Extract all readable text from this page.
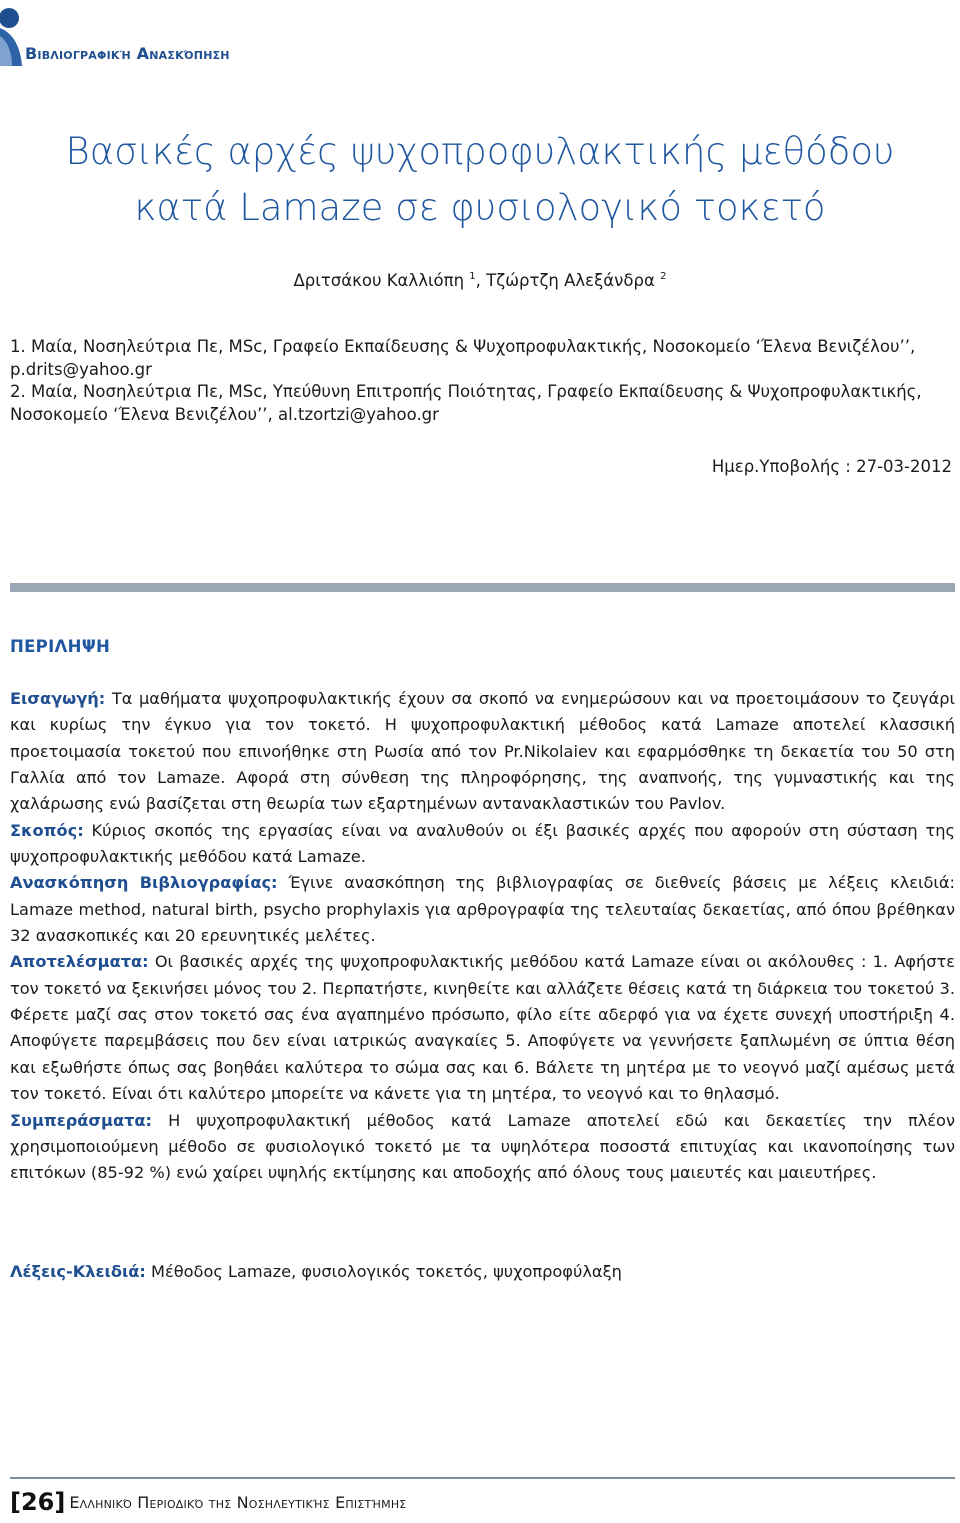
Βιβλιογραφική Ανασκόπηση
Βασικές αρχές ψυχοπροφυλακτικής μεθόδου
κατά Lamaze σε φυσιολογικό τοκετό
Δριτσάκου Καλλιόπη $^1$, Τζώρτζη Αλεξάνδρα $^2$
1. Μαία, Νοσηλεύτρια Πε, MSc, Γραφείο Εκπαίδευσης & Ψυχοπροφυλακτικής, Νοσοκομείο ‘Έλενα Βενιζέλου’’, p.drits@yahoo.gr
2. Μαία, Νοσηλεύτρια Πε, MSc, Υπεύθυνη Επιτροπής Ποιότητας, Γραφείο Εκπαίδευσης & Ψυχοπροφυλακτικής, Νοσοκομείο ‘Έλενα Βενιζέλου’’, al.tzortzi@yahoo.gr
Ημερ.Υποβολής : 27-03-2012
ΠΕΡΙΛΗΨΗ

Εισαγωγή: Τα μαθήματα ψυχοπροφυλακτικής έχουν σα σκοπό να ενημερώσουν και να προετοιμάσουν το ζευγάρι και κυρίως την έγκυο για τον τοκετό. Η ψυχοπροφυλακτική μέθοδος κατά Lamaze αποτελεί κλασσική προετοιμασία τοκετού που επινοήθηκε στη Ρωσία από τον Pr.Nikolaiev και εφαρμόσθηκε τη δεκαετία του 50 στη Γαλλία από τον Lamaze. Αφορά στη σύνθεση της πληροφόρησης, της αναπνοής, της γυμναστικής και της χαλάρωσης ενώ βασίζεται στη θεωρία των εξαρτημένων αντανακλαστικών του Pavlov.

Σκοπός: Κύριος σκοπός της εργασίας είναι να αναλυθούν οι έξι βασικές αρχές που αφορούν στη σύσταση της ψυχοπροφυλακτικής μεθόδου κατά Lamaze.

Ανασκόπηση Βιβλιογραφίας: Έγινε ανασκόπηση της βιβλιογραφίας σε διεθνείς βάσεις με λέξεις κλειδιά: Lamaze method, natural birth, psycho prophylaxis για αρθρογραφία της τελευταίας δεκαετίας, από όπου βρέθηκαν 32 ανασκοπικές και 20 ερευνητικές μελέτες.

Αποτελέσματα: Οι βασικές αρχές της ψυχοπροφυλακτικής μεθόδου κατά Lamaze είναι οι ακόλουθες : 1. Αφήστε τον τοκετό να ξεκινήσει μόνος του 2. Περπατήστε, κινηθείτε και αλλάζετε θέσεις κατά τη διάρκεια του τοκετού 3. Φέρετε μαζί σας στον τοκετό σας ένα αγαπημένο πρόσωπο, φίλο είτε αδερφό για να έχετε συνεχή υποστήριξη 4. Αποφύγετε παρεμβάσεις που δεν είναι ιατρικώς αναγκαίες 5. Αποφύγετε να γεννήσετε ξαπλωμένη σε ύπτια θέση και εξωθήστε όπως σας βοηθάει καλύτερα το σώμα σας και 6. Βάλετε τη μητέρα με το νεογνό μαζί αμέσως μετά τον τοκετό. Είναι ότι καλύτερο μπορείτε να κάνετε για τη μητέρα, το νεογνό και το θηλασμό.

Συμπεράσματα: Η ψυχοπροφυλακτική μέθοδος κατά Lamaze αποτελεί εδώ και δεκαετίες την πλέον χρησιμοποιούμενη μέθοδο σε φυσιολογικό τοκετό με τα υψηλότερα ποσοστά επιτυχίας και ικανοποίησης των επιτόκων (85-92 %) ενώ χαίρει υψηλής εκτίμησης και αποδοχής από όλους τους μαιευτές και μαιευτήρες.

Λέξεις-Κλειδιά: Μέθοδος Lamaze, φυσιολογικός τοκετός, ψυχοπροφύλαξη
[26] Ελληνικό Περιοδικό της Νοσηλευτικής Επιστήμης
